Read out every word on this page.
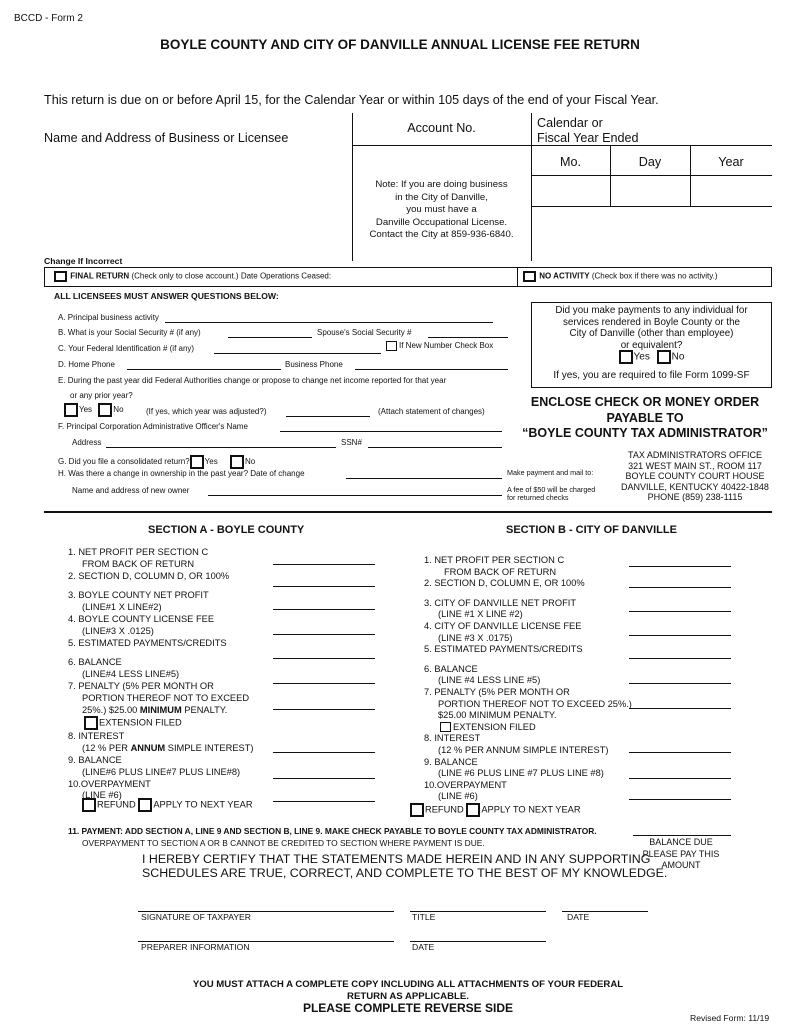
BCCD - Form 2
BOYLE COUNTY AND CITY OF DANVILLE ANNUAL LICENSE FEE RETURN
This return is due on or before April 15, for the Calendar Year or within 105 days of the end of your Fiscal Year.
Name and Address of Business or Licensee
Account No.	Calendar or
Fiscal Year Ended
Mo.	Day	Year
Note: If you are doing business
in the City of Danville,
you must have a
Danville Occupational License.
Contact the City at 859-936-6840.
Change If Incorrect
FINAL RETURN (Check only to close account.) Date Operations Ceased:	NO ACTIVITY (Check box if there was no activity.)
ALL LICENSEES MUST ANSWER QUESTIONS BELOW:
A. Principal business activity
B. What is your Social Security # (if any)	Spouse's Social Security #
C. Your Federal Identification # (if any)	If New Number Check Box
D. Home Phone	Business Phone
E. During the past year did Federal Authorities change or propose to change net income reported for that year
or any prior year?
Yes	No	(If yes, which year was adjusted?)	(Attach statement of changes)
F. Principal Corporation Administrative Officer's Name
Address	SSN#
G. Did you file a consolidated return? Yes	No
H. Was there a change in ownership in the past year? Date of change
Name and address of new owner
Did you make payments to any individual for
services rendered in Boyle County or the
City of Danville (other than employee)
or equivalent?
Yes No
If yes, you are required to file Form 1099-SF
ENCLOSE CHECK OR MONEY ORDER
PAYABLE TO
“BOYLE COUNTY TAX ADMINISTRATOR”
Make payment and mail to:
A fee of $50 will be charged
for returned checks
TAX ADMINISTRATORS OFFICE
321 WEST MAIN ST., ROOM 117
BOYLE COUNTY COURT HOUSE
DANVILLE, KENTUCKY 40422-1848
PHONE (859) 238-1115
SECTION A - BOYLE COUNTY
1. NET PROFIT PER SECTION C
FROM BACK OF RETURN
2. SECTION D, COLUMN D, OR 100%
3. BOYLE COUNTY NET PROFIT
(LINE#1 X LINE#2)
4. BOYLE COUNTY LICENSE FEE
(LINE#3 X .0125)
5. ESTIMATED PAYMENTS/CREDITS
6. BALANCE
(LINE#4 LESS LINE#5)
7. PENALTY (5% PER MONTH OR
PORTION THEREOF NOT TO EXCEED
25%.) $25.00 MINIMUM PENALTY.
EXTENSION FILED
8. INTEREST
(12 % PER ANNUM SIMPLE INTEREST)
9. BALANCE
(LINE#6 PLUS LINE#7 PLUS LINE#8)
10.OVERPAYMENT
(LINE #6)
REFUND APPLY TO NEXT YEAR
SECTION B - CITY OF DANVILLE
1. NET PROFIT PER SECTION C
FROM BACK OF RETURN
2. SECTION D, COLUMN E, OR 100%
3. CITY OF DANVILLE NET PROFIT
(LINE #1 X LINE #2)
4. CITY OF DANVILLE LICENSE FEE
(LINE #3 X .0175)
5. ESTIMATED PAYMENTS/CREDITS
6. BALANCE
(LINE #4 LESS LINE #5)
7. PENALTY (5% PER MONTH OR
PORTION THEREOF NOT TO EXCEED 25%.)
$25.00 MINIMUM PENALTY.
EXTENSION FILED
8. INTEREST
(12 % PER ANNUM SIMPLE INTEREST)
9. BALANCE
(LINE #6 PLUS LINE #7 PLUS LINE #8)
10.OVERPAYMENT
(LINE #6)
REFUND APPLY TO NEXT YEAR
11. PAYMENT: ADD SECTION A, LINE 9 AND SECTION B, LINE 9. MAKE CHECK PAYABLE TO BOYLE COUNTY TAX ADMINISTRATOR.
OVERPAYMENT TO SECTION A OR B CANNOT BE CREDITED TO SECTION WHERE PAYMENT IS DUE.	BALANCE DUE
PLEASE PAY THIS
AMOUNT
I HEREBY CERTIFY THAT THE STATEMENTS MADE HEREIN AND IN ANY SUPPORTING
SCHEDULES ARE TRUE, CORRECT, AND COMPLETE TO THE BEST OF MY KNOWLEDGE.
SIGNATURE OF TAXPAYER	TITLE	DATE
PREPARER INFORMATION	DATE
YOU MUST ATTACH A COMPLETE COPY INCLUDING ALL ATTACHMENTS OF YOUR FEDERAL
RETURN AS APPLICABLE.
PLEASE COMPLETE REVERSE SIDE
Revised Form: 11/19
